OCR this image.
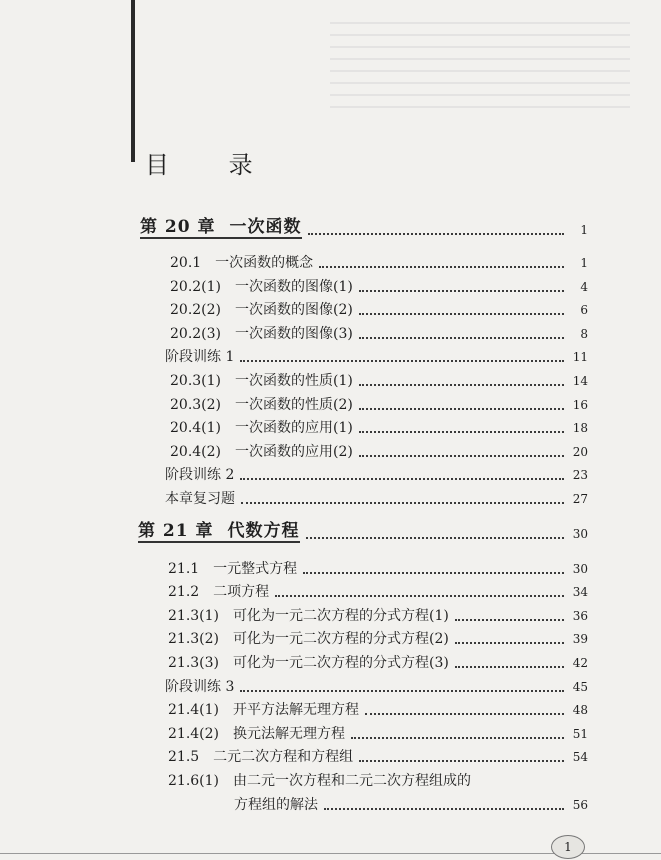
目 录
第 20 章 一次函数	1
20.1　一次函数的概念	1
20.2(1)　一次函数的图像(1)	4
20.2(2)　一次函数的图像(2)	6
20.2(3)　一次函数的图像(3)	8
阶段训练 1	11
20.3(1)　一次函数的性质(1)	14
20.3(2)　一次函数的性质(2)	16
20.4(1)　一次函数的应用(1)	18
20.4(2)　一次函数的应用(2)	20
阶段训练 2	23
本章复习题	27
第 21 章 代数方程	30
21.1　一元整式方程	30
21.2　二项方程	34
21.3(1)　可化为一元二次方程的分式方程(1)	36
21.3(2)　可化为一元二次方程的分式方程(2)	39
21.3(3)　可化为一元二次方程的分式方程(3)	42
阶段训练 3	45
21.4(1)　开平方法解无理方程	48
21.4(2)　换元法解无理方程	51
21.5　二元二次方程和方程组	54
21.6(1)　由二元一次方程和二元二次方程组成的
方程组的解法	56
1
